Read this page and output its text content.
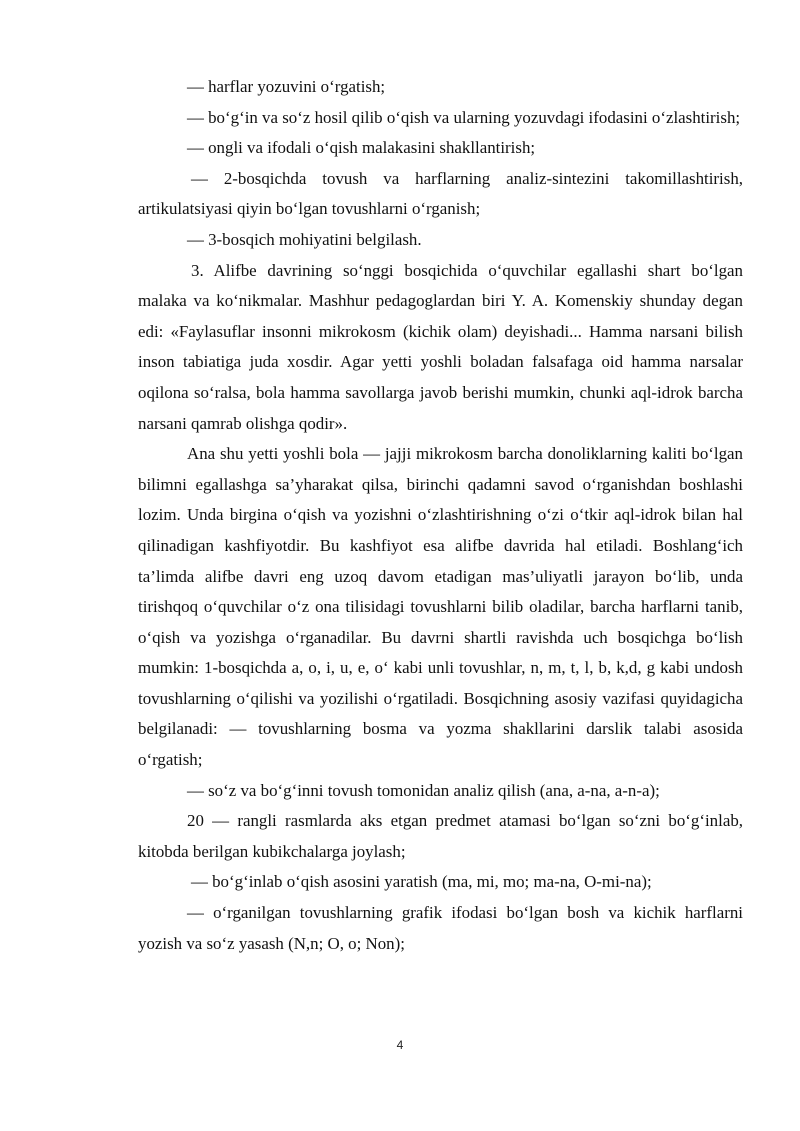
— harflar yozuvini oʻrgatish;

— boʻgʻin va soʻz hosil qilib oʻqish va ularning yozuvdagi ifodasini oʻzlashtirish;

— ongli va ifodali oʻqish malakasini shakllantirish;

— 2-bosqichda tovush va harflarning analiz-sintezini takomillashtirish, artikulatsiyasi qiyin boʻlgan tovushlarni oʻrganish;

— 3-bosqich mohiyatini belgilash.

3. Alifbe davrining soʻnggi bosqichida oʻquvchilar egallashi shart boʻlgan malaka va koʻnikmalar. Mashhur pedagoglardan biri Y. A. Komenskiy shunday degan edi: «Faylasuflar insonni mikrokosm (kichik olam) deyishadi... Hamma narsani bilish inson tabiatiga juda xosdir. Agar yetti yoshli boladan falsafaga oid hamma narsalar oqilona soʻralsa, bola hamma savollarga javob berishi mumkin, chunki aql-idrok barcha narsani qamrab olishga qodir».

Ana shu yetti yoshli bola — jajji mikrokosm barcha donoliklarning kaliti boʻlgan bilimni egallashga sa’yharakat qilsa, birinchi qadamni savod oʻrganishdan boshlashi lozim. Unda birgina oʻqish va yozishni oʻzlashtirishning oʻzi oʻtkir aql-idrok bilan hal qilinadigan kashfiyotdir. Bu kashfiyot esa alifbe davrida hal etiladi. Boshlangʻich ta’limda alifbe davri eng uzoq davom etadigan mas’uliyatli jarayon boʻlib, unda tirishqoq oʻquvchilar oʻz ona tilisidagi tovushlarni bilib oladilar, barcha harflarni tanib, oʻqish va yozishga oʻrganadilar. Bu davrni shartli ravishda uch bosqichga boʻlish mumkin: 1-bosqichda a, o, i, u, e, oʻ kabi unli tovushlar, n, m, t, l, b, k,d, g kabi undosh tovushlarning oʻqilishi va yozilishi oʻrgatiladi. Bosqichning asosiy vazifasi quyidagicha belgilanadi: — tovushlarning bosma va yozma shakllarini darslik talabi asosida oʻrgatish;

— soʻz va boʻgʻinni tovush tomonidan analiz qilish (ana, a-na, a-n-a);

20 — rangli rasmlarda aks etgan predmet atamasi boʻlgan soʻzni boʻgʻinlab, kitobda berilgan kubikchalarga joylash;

— boʻgʻinlab oʻqish asosini yaratish (ma, mi, mo; ma-na, O-mi-na);

— oʻrganilgan tovushlarning grafik ifodasi boʻlgan bosh va kichik harflarni yozish va soʻz yasash (N,n; O, o; Non);

4
